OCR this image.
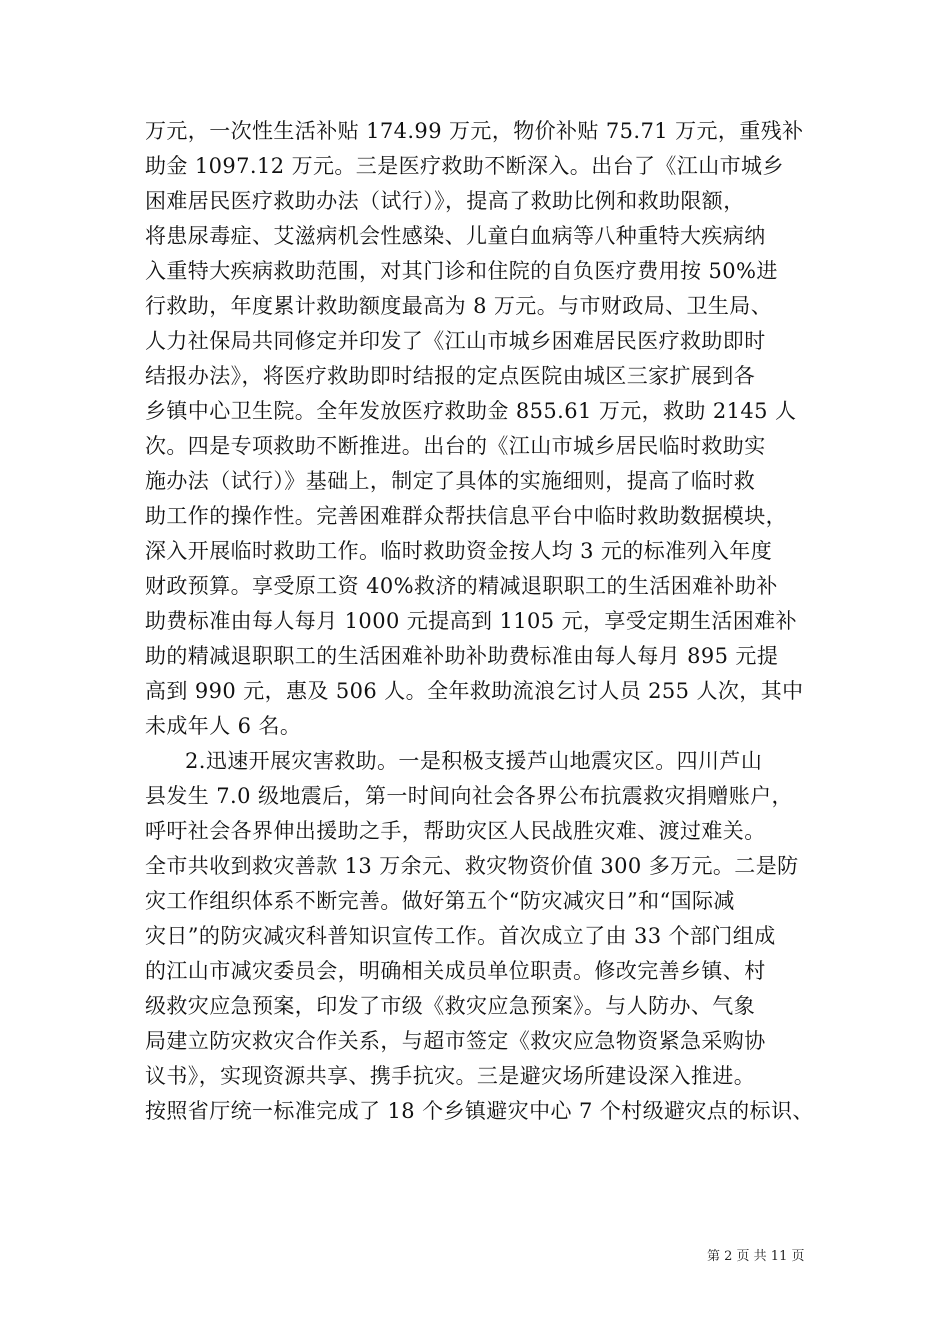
万元，一次性生活补贴 174.99 万元，物价补贴 75.71 万元，重残补
助金 1097.12 万元。三是医疗救助不断深入。出台了《江山市城乡
困难居民医疗救助办法（试行）》，提高了救助比例和救助限额，
将患尿毒症、艾滋病机会性感染、儿童白血病等八种重特大疾病纳
入重特大疾病救助范围，对其门诊和住院的自负医疗费用按 50%进
行救助，年度累计救助额度最高为 8 万元。与市财政局、卫生局、
人力社保局共同修定并印发了《江山市城乡困难居民医疗救助即时
结报办法》，将医疗救助即时结报的定点医院由城区三家扩展到各
乡镇中心卫生院。全年发放医疗救助金 855.61 万元，救助 2145 人
次。四是专项救助不断推进。出台的《江山市城乡居民临时救助实
施办法（试行）》基础上，制定了具体的实施细则，提高了临时救
助工作的操作性。完善困难群众帮扶信息平台中临时救助数据模块，
深入开展临时救助工作。临时救助资金按人均 3 元的标准列入年度
财政预算。享受原工资 40%救济的精减退职职工的生活困难补助补
助费标准由每人每月 1000 元提高到 1105 元，享受定期生活困难补
助的精减退职职工的生活困难补助补助费标准由每人每月 895 元提
高到 990 元，惠及 506 人。全年救助流浪乞讨人员 255 人次，其中
未成年人 6 名。
2.迅速开展灾害救助。一是积极支援芦山地震灾区。四川芦山
县发生 7.0 级地震后，第一时间向社会各界公布抗震救灾捐赠账户，
呼吁社会各界伸出援助之手，帮助灾区人民战胜灾难、渡过难关。
全市共收到救灾善款 13 万余元、救灾物资价值 300 多万元。二是防
灾工作组织体系不断完善。做好第五个“防灾减灾日”和“国际减
灾日”的防灾减灾科普知识宣传工作。首次成立了由 33 个部门组成
的江山市减灾委员会，明确相关成员单位职责。修改完善乡镇、村
级救灾应急预案，印发了市级《救灾应急预案》。与人防办、气象
局建立防灾救灾合作关系，与超市签定《救灾应急物资紧急采购协
议书》，实现资源共享、携手抗灾。三是避灾场所建设深入推进。
按照省厅统一标准完成了 18 个乡镇避灾中心 7 个村级避灾点的标识、
第 2 页 共 11 页
